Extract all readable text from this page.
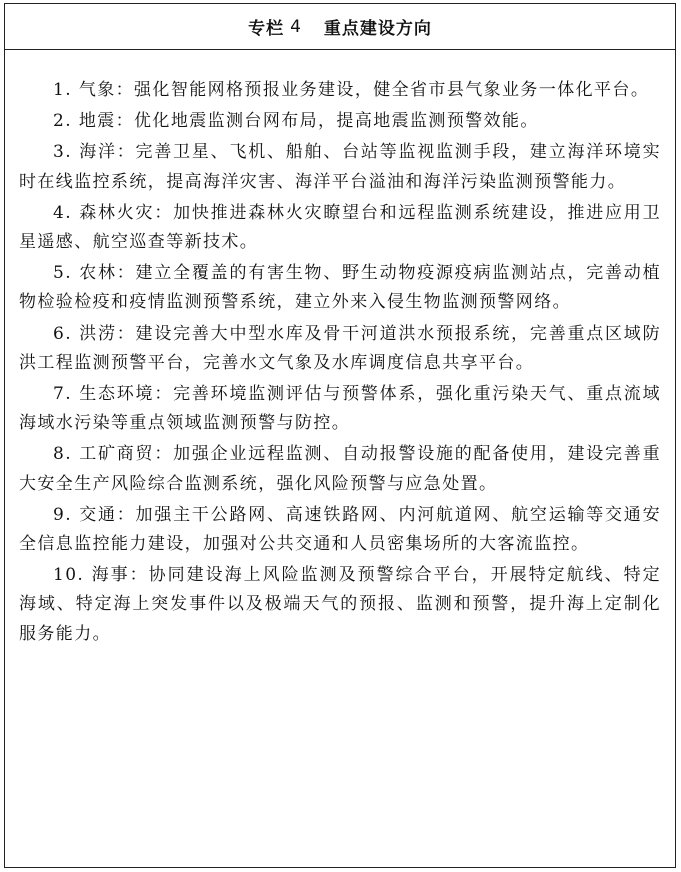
专栏 4 重点建设方向

1. 气象：强化智能网格预报业务建设，健全省市县气象业务一体化平台。

2. 地震：优化地震监测台网布局，提高地震监测预警效能。

3. 海洋：完善卫星、飞机、船舶、台站等监视监测手段，建立海洋环境实时在线监控系统，提高海洋灾害、海洋平台溢油和海洋污染监测预警能力。

4. 森林火灾：加快推进森林火灾瞭望台和远程监测系统建设，推进应用卫星遥感、航空巡查等新技术。

5. 农林：建立全覆盖的有害生物、野生动物疫源疫病监测站点，完善动植物检验检疫和疫情监测预警系统，建立外来入侵生物监测预警网络。

6. 洪涝：建设完善大中型水库及骨干河道洪水预报系统，完善重点区域防洪工程监测预警平台，完善水文气象及水库调度信息共享平台。

7. 生态环境：完善环境监测评估与预警体系，强化重污染天气、重点流域海域水污染等重点领域监测预警与防控。

8. 工矿商贸：加强企业远程监测、自动报警设施的配备使用，建设完善重大安全生产风险综合监测系统，强化风险预警与应急处置。

9. 交通：加强主干公路网、高速铁路网、内河航道网、航空运输等交通安全信息监控能力建设，加强对公共交通和人员密集场所的大客流监控。

10. 海事：协同建设海上风险监测及预警综合平台，开展特定航线、特定海域、特定海上突发事件以及极端天气的预报、监测和预警，提升海上定制化服务能力。
